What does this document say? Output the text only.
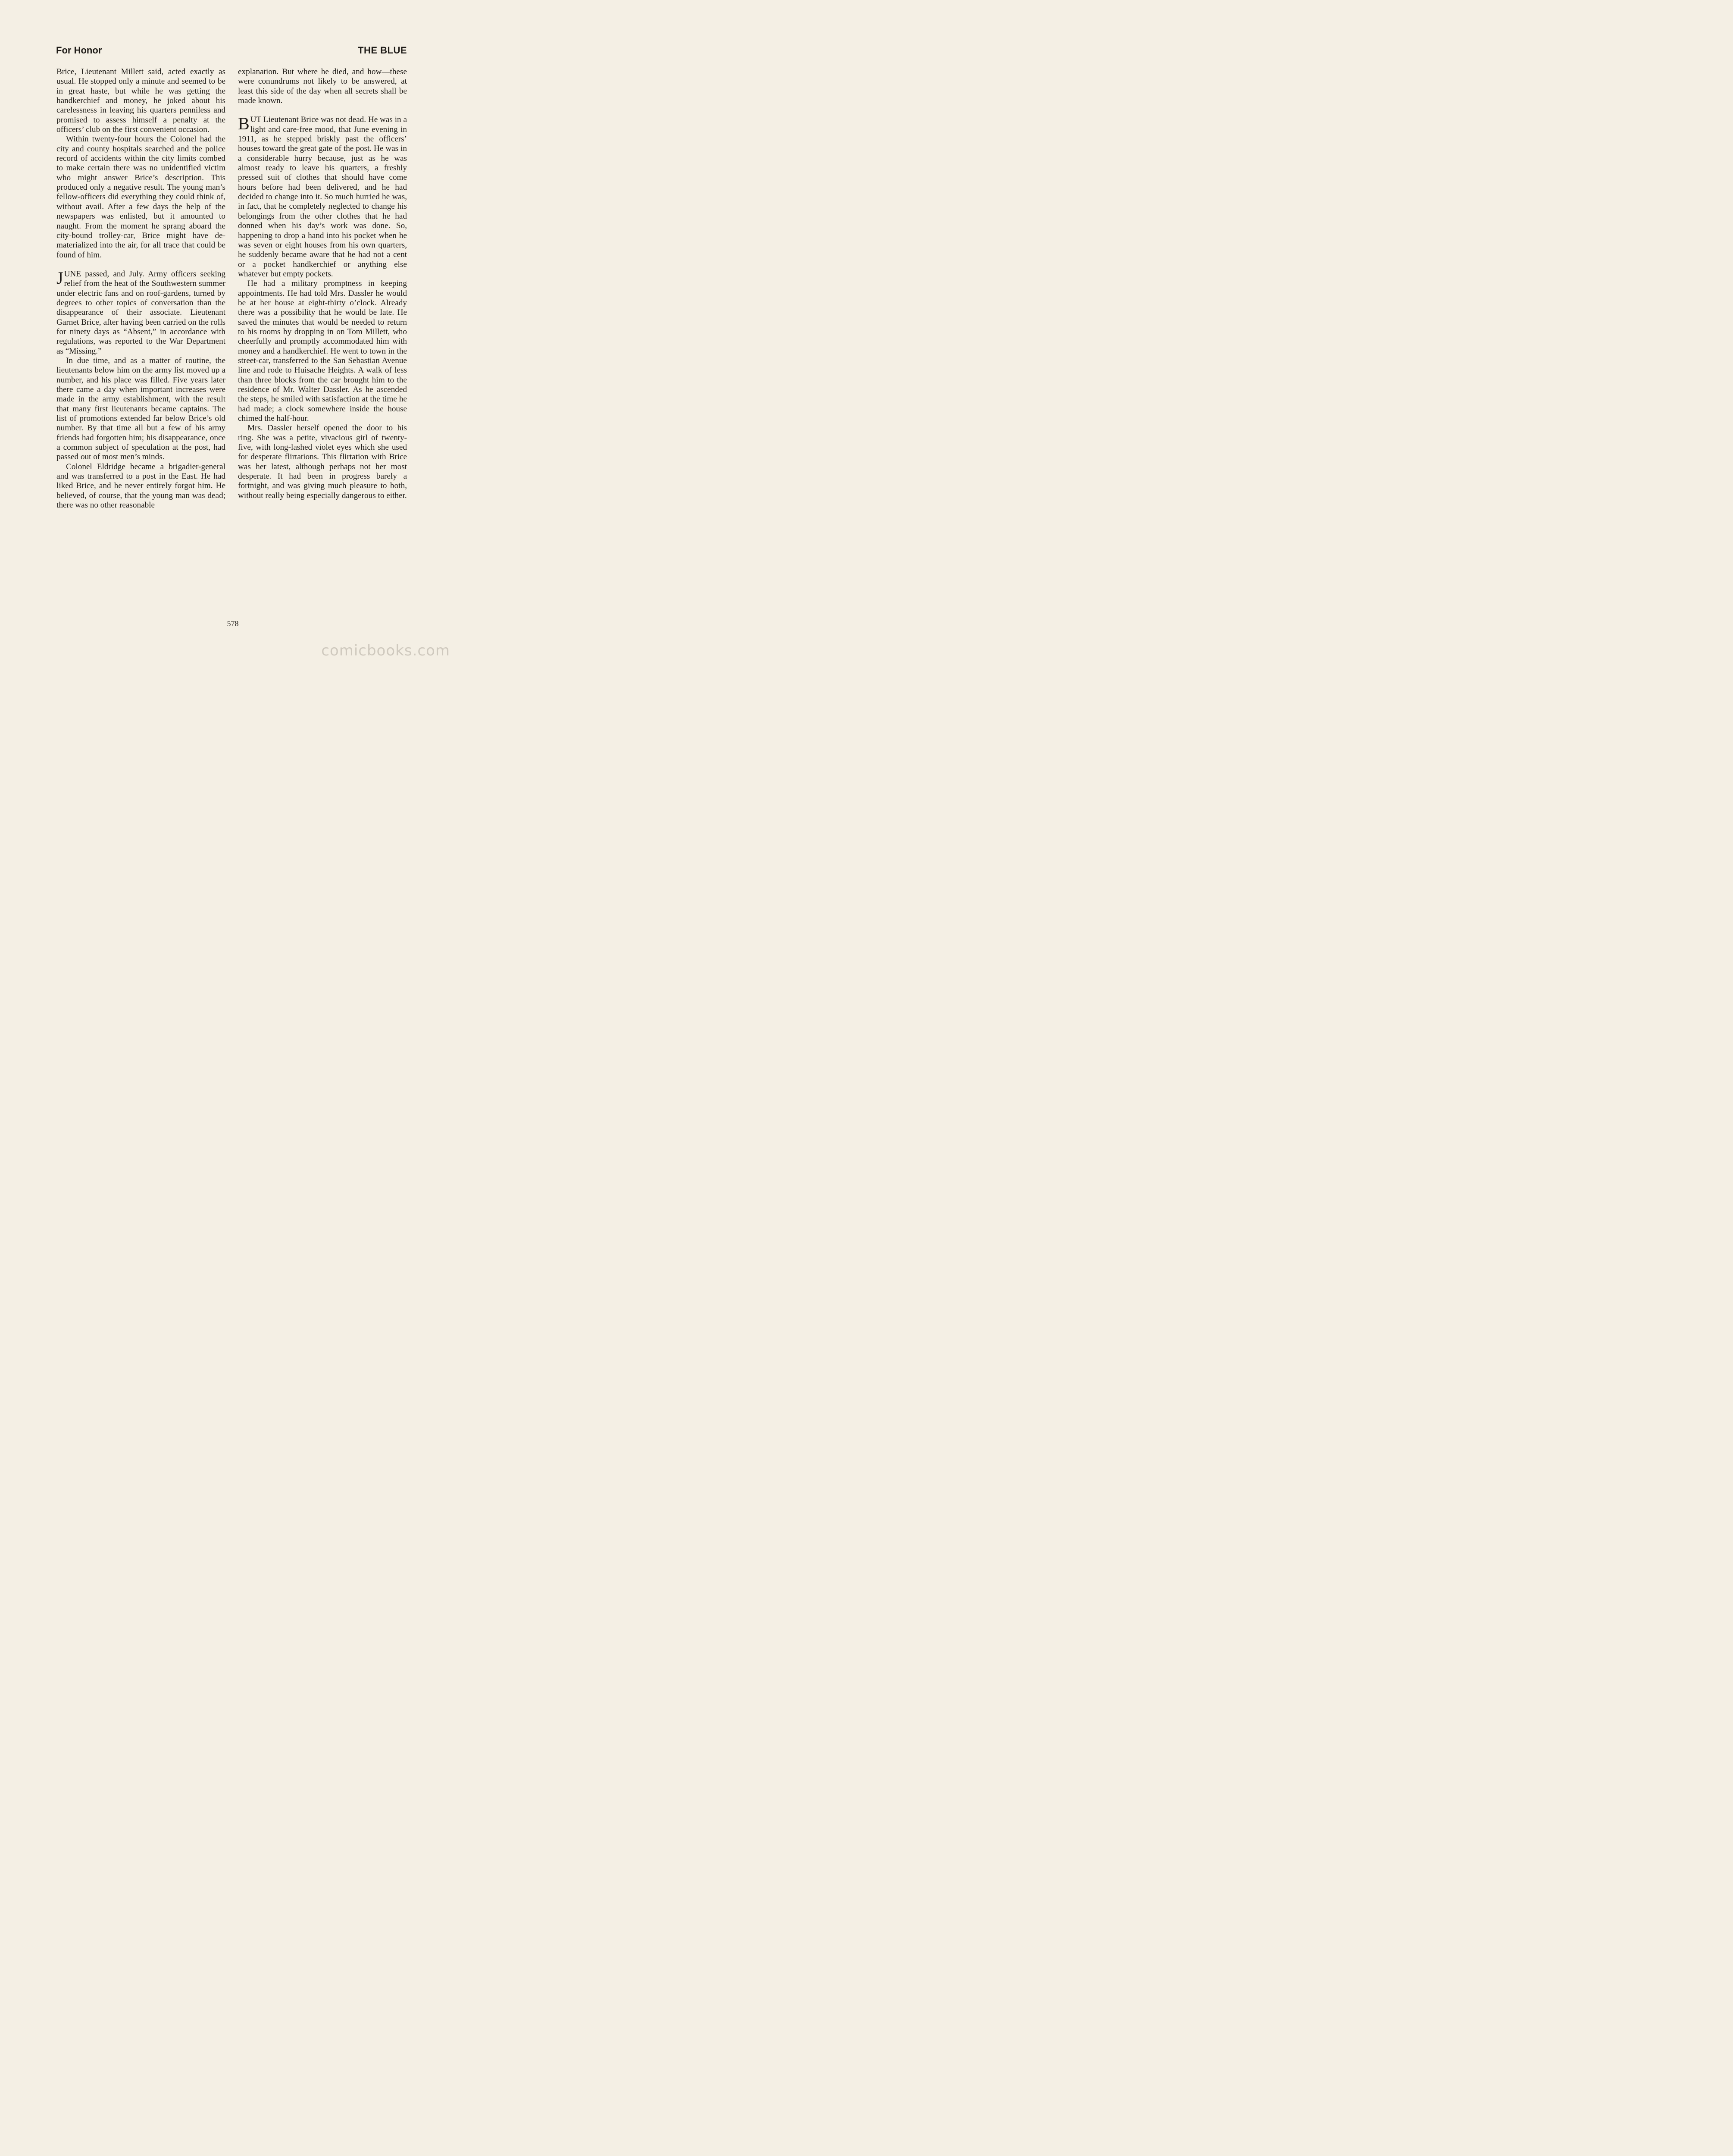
For Honor	THE BLUE

Brice, Lieutenant Millett said, acted exactly as usual. He stopped only a minute and seemed to be in great haste, but while he was getting the handkerchief and money, he joked about his carelessness in leaving his quarters penniless and promised to assess himself a penalty at the officers’ club on the first convenient occasion.

Within twenty-four hours the Colonel had the city and county hospitals searched and the police record of accidents within the city limits combed to make certain there was no unidentified victim who might answer Brice’s description. This produced only a negative result. The young man’s fellow-officers did everything they could think of, without avail. After a few days the help of the newspapers was enlisted, but it amounted to naught. From the moment he sprang aboard the city-bound trolley-car, Brice might have dematerialized into the air, for all trace that could be found of him.

JUNE passed, and July. Army officers seeking relief from the heat of the Southwestern summer under electric fans and on roof-gardens, turned by degrees to other topics of conversation than the disappearance of their associate. Lieutenant Garnet Brice, after having been carried on the rolls for ninety days as “Absent,” in accordance with regulations, was reported to the War Department as “Missing.”

In due time, and as a matter of routine, the lieutenants below him on the army list moved up a number, and his place was filled. Five years later there came a day when important increases were made in the army establishment, with the result that many first lieutenants became captains. The list of promotions extended far below Brice’s old number. By that time all but a few of his army friends had forgotten him; his disappearance, once a common subject of speculation at the post, had passed out of most men’s minds.

Colonel Eldridge became a brigadier-general and was transferred to a post in the East. He had liked Brice, and he never entirely forgot him. He believed, of course, that the young man was dead; there was no other reasonable

explanation. But where he died, and how—these were conundrums not likely to be answered, at least this side of the day when all secrets shall be made known.

BUT Lieutenant Brice was not dead. He was in a light and care-free mood, that June evening in 1911, as he stepped briskly past the officers’ houses toward the great gate of the post. He was in a considerable hurry because, just as he was almost ready to leave his quarters, a freshly pressed suit of clothes that should have come hours before had been delivered, and he had decided to change into it. So much hurried he was, in fact, that he completely neglected to change his belongings from the other clothes that he had donned when his day’s work was done. So, happening to drop a hand into his pocket when he was seven or eight houses from his own quarters, he suddenly became aware that he had not a cent or a pocket handkerchief or anything else whatever but empty pockets.

He had a military promptness in keeping appointments. He had told Mrs. Dassler he would be at her house at eight-thirty o’clock. Already there was a possibility that he would be late. He saved the minutes that would be needed to return to his rooms by dropping in on Tom Millett, who cheerfully and promptly accommodated him with money and a handkerchief. He went to town in the street-car, transferred to the San Sebastian Avenue line and rode to Huisache Heights. A walk of less than three blocks from the car brought him to the residence of Mr. Walter Dassler. As he ascended the steps, he smiled with satisfaction at the time he had made; a clock somewhere inside the house chimed the half-hour.

Mrs. Dassler herself opened the door to his ring. She was a petite, vivacious girl of twenty-five, with long-lashed violet eyes which she used for desperate flirtations. This flirtation with Brice was her latest, although perhaps not her most desperate. It had been in progress barely a fortnight, and was giving much pleasure to both, without really being especially dangerous to either.

578
comicbooks.com
